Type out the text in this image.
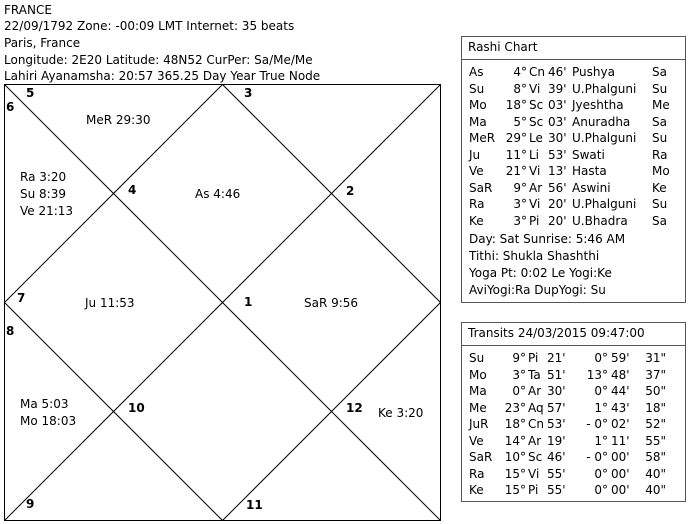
FRANCE
22/09/1792 Zone: -00:09 LMT Internet: 35 beats
Paris, France
Longitude: 2E20 Latitude: 48N52 CurPer: Sa/Me/Me
Lahiri Ayanamsha: 20:57 365.25 Day Year True Node
1
2
3
4
5
6
7
8
9
10
11
12
As 4:46
MeR 29:30
Ra 3:20
Su 8:39
Ve 21:13
Ju 11:53	SaR 9:56
Ma 5:03
Mo 18:03
Ke 3:20
Rashi Chart
As	4° Cn 46' Pushya	Sa
Su	8° Vi 39' U.Phalguni	Su
Mo	18° Sc 03' Jyeshtha	Me
Ma	5° Sc 03' Anuradha	Sa
MeR 29° Le 30' U.Phalguni	Su
Ju	11° Li 53' Swati	Ra
Ve	21° Vi 13' Hasta	Mo
SaR	9° Ar 56' Aswini	Ke
Ra	3° Vi 20' U.Phalguni	Su
Ke	3° Pi 20' U.Bhadra	Sa
Day: Sat Sunrise: 5:46 AM
Tithi: Shukla Shashthi
Yoga Pt: 0:02 Le Yogi:Ke
AviYogi:Ra DupYogi: Su
Transits 24/03/2015 09:47:00
Su	9° Pi 21'	0° 59'	31"
Mo	3° Ta 51'	13° 48'	37"
Ma	0° Ar 30'	0° 44'	50"
Me	23° Aq 57'	1° 43'	18"
JuR	18° Cn 53'	- 0° 02'	52"
Ve	14° Ar 19'	1° 11'	55"
SaR	10° Sc 46'	- 0° 00'	58"
Ra	15° Vi 55'	0° 00'	40"
Ke	15° Pi 55'	0° 00'	40"
